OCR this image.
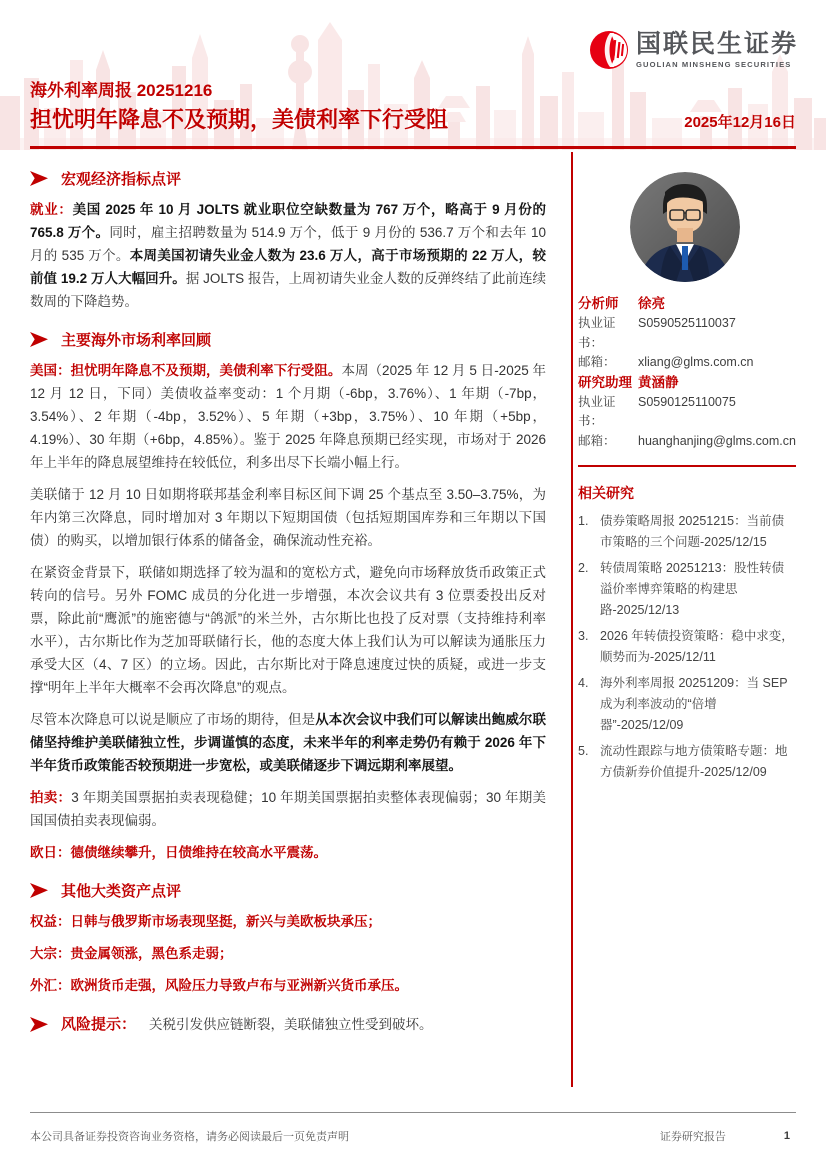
国联民生证券
GUOLIAN MINSHENG SECURITIES
海外利率周报 20251216
担忧明年降息不及预期，美债利率下行受阻	2025年12月16日
宏观经济指标点评

就业：美国 2025 年 10 月 JOLTS 就业职位空缺数量为 767 万个，略高于 9 月份的 765.8 万个。同时，雇主招聘数量为 514.9 万个，低于 9 月份的 536.7 万个和去年 10 月的 535 万个。本周美国初请失业金人数为 23.6 万人，高于市场预期的 22 万人，较前值 19.2 万人大幅回升。据 JOLTS 报告，上周初请失业金人数的反弹终结了此前连续数周的下降趋势。

主要海外市场利率回顾

美国：担忧明年降息不及预期，美债利率下行受阻。本周（2025 年 12 月 5 日-2025 年 12 月 12 日，下同）美债收益率变动：1 个月期（-6bp，3.76%）、1 年期（-7bp，3.54%）、2 年期（-4bp，3.52%）、5 年期（+3bp，3.75%）、10 年期（+5bp，4.19%）、30 年期（+6bp，4.85%）。鉴于 2025 年降息预期已经实现，市场对于 2026 年上半年的降息展望维持在较低位，利多出尽下长端小幅上行。

美联储于 12 月 10 日如期将联邦基金利率目标区间下调 25 个基点至 3.50–3.75%，为年内第三次降息，同时增加对 3 年期以下短期国债（包括短期国库券和三年期以下国债）的购买，以增加银行体系的储备金，确保流动性充裕。

在紧资金背景下，联储如期选择了较为温和的宽松方式，避免向市场释放货币政策正式转向的信号。另外 FOMC 成员的分化进一步增强，本次会议共有 3 位票委投出反对票，除此前“鹰派”的施密德与“鸽派”的米兰外，古尔斯比也投了反对票（支持维持利率水平），古尔斯比作为芝加哥联储行长，他的态度大体上我们认为可以解读为通胀压力承受大区（4、7 区）的立场。因此，古尔斯比对于降息速度过快的质疑，或进一步支撑“明年上半年大概率不会再次降息”的观点。

尽管本次降息可以说是顺应了市场的期待，但是从本次会议中我们可以解读出鲍威尔联储坚持维护美联储独立性，步调谨慎的态度，未来半年的利率走势仍有赖于 2026 年下半年货币政策能否较预期进一步宽松，或美联储逐步下调远期利率展望。

拍卖：3 年期美国票据拍卖表现稳健；10 年期美国票据拍卖整体表现偏弱；30 年期美国国债拍卖表现偏弱。

欧日：德债继续攀升，日债维持在较高水平震荡。

其他大类资产点评

权益：日韩与俄罗斯市场表现坚挺，新兴与美欧板块承压；

大宗：贵金属领涨，黑色系走弱；

外汇：欧洲货币走强，风险压力导致卢布与亚洲新兴货币承压。

风险提示： 关税引发供应链断裂，美联储独立性受到破坏。
分析师	徐亮
执业证书：
S0590525110037
邮箱：	xliang@glms.com.cn
研究助理 黄涵静
执业证书：
S0590125110075
邮箱：	huanghanjing@glms.com.cn
相关研究
1. 债券策略周报 20251215：当前债市策略的三个问题-2025/12/15
2. 转债周策略 20251213：股性转债溢价率博弈策略的构建思路-2025/12/13
3. 2026 年转债投资策略：稳中求变，顺势而为-2025/12/11
4. 海外利率周报 20251209：当 SEP 成为利率波动的“倍增器”-2025/12/09
5. 流动性跟踪与地方债策略专题：地方债新券价值提升-2025/12/09
本公司具备证券投资咨询业务资格，请务必阅读最后一页免责声明	证券研究报告	1
